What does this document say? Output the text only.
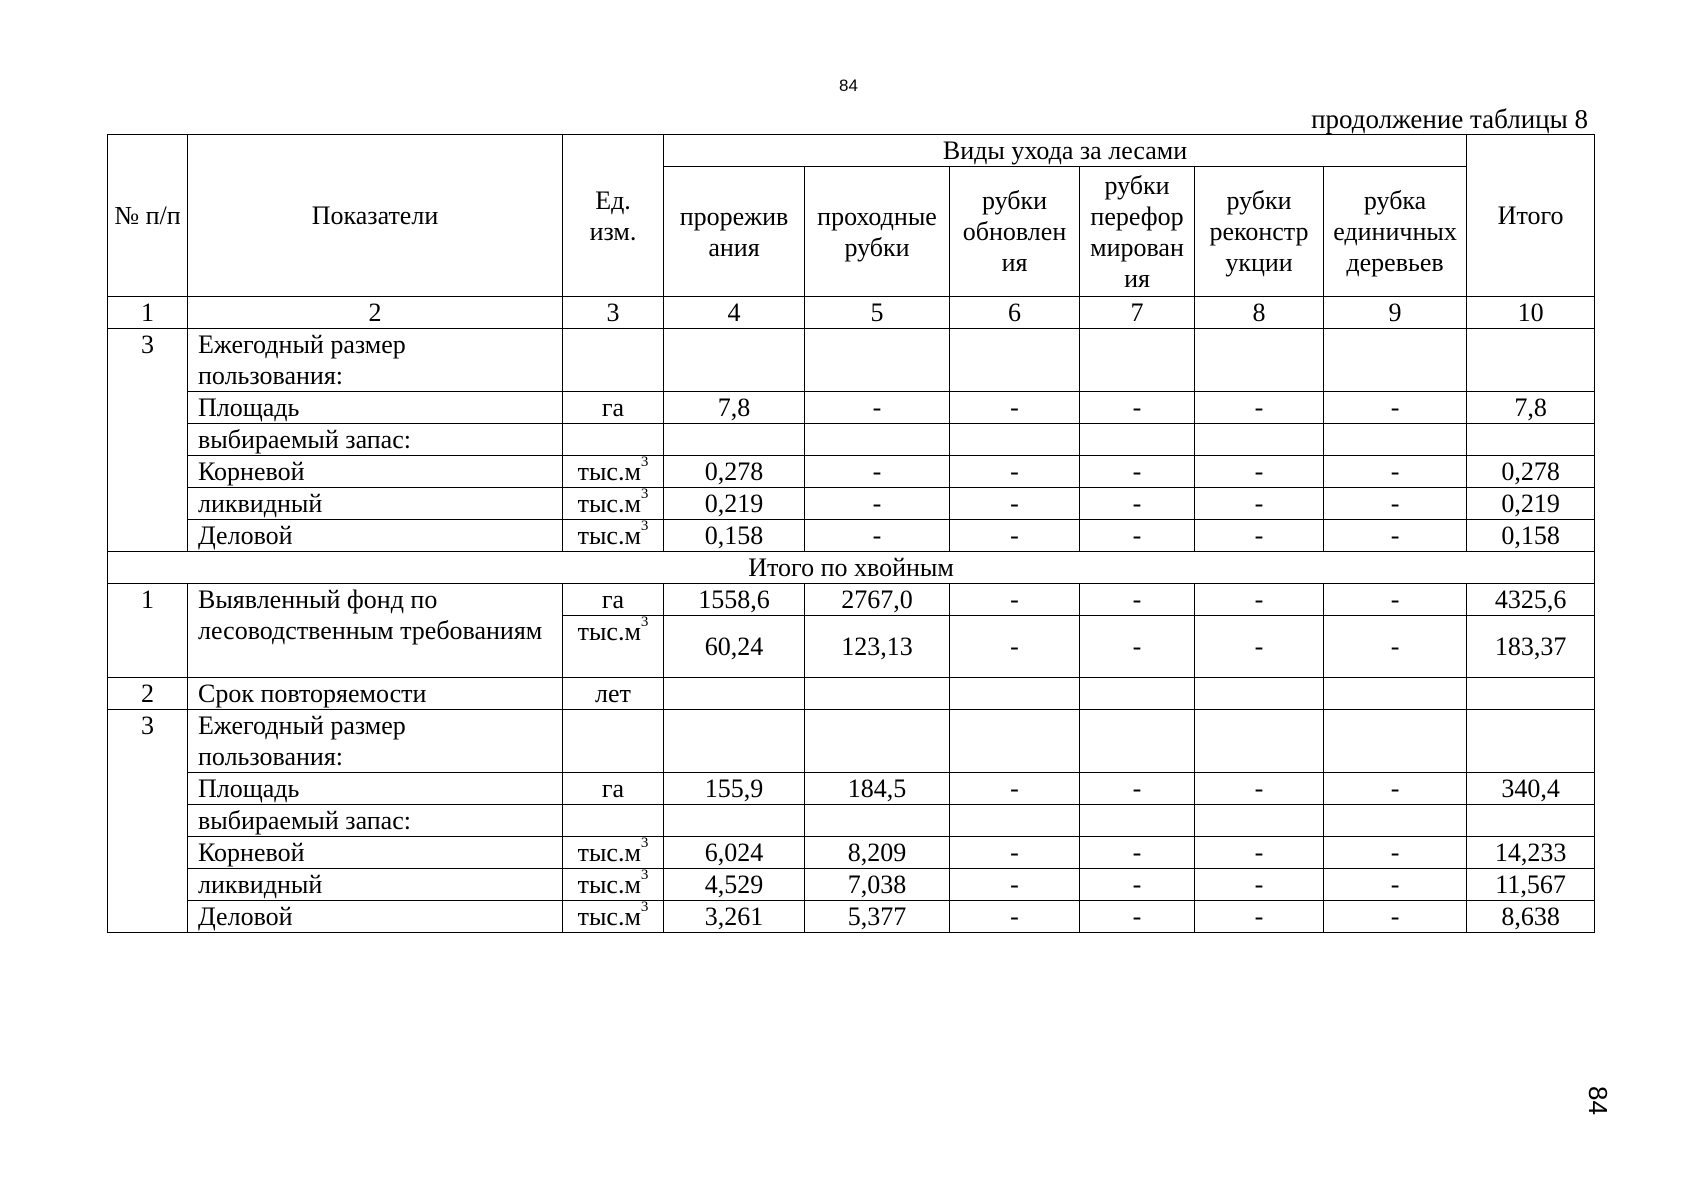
84
продолжение таблицы 8
84
№ п/п	Показатели	Ед. изм.	Виды ухода за лесами						Итого
			прорежив ания	проходные рубки	рубки обновлен ия	рубки перефор мирован ия	рубки реконстр укции	рубка единичных деревьев	
1	2	3	4	5	6	7	8	9	10
3	Ежегодный размер пользования:								
	Площадь	га	7,8	-	-	-	-	-	7,8
	выбираемый запас:								
	Корневой	$тыс.м^3$	0,278	-	-	-	-	-	0,278
	ликвидный	$тыс.м^3$	0,219	-	-	-	-	-	0,219
	Деловой	$тыс.м^3$	0,158	-	-	-	-	-	0,158
Итого по хвойным									
1	Выявленный фонд по лесоводственным требованиям	га	1558,6	2767,0	-	-	-	-	4325,6
		$тыс.м^3$	60,24	123,13	-	-	-	-	183,37
2	Срок повторяемости	лет							
3	Ежегодный размер пользования:								
	Площадь	га	155,9	184,5	-	-	-	-	340,4
	выбираемый запас:								
	Корневой	$тыс.м^3$	6,024	8,209	-	-	-	-	14,233
	ликвидный	$тыс.м^3$	4,529	7,038	-	-	-	-	11,567
	Деловой	$тыс.м^3$	3,261	5,377	-	-	-	-	8,638
